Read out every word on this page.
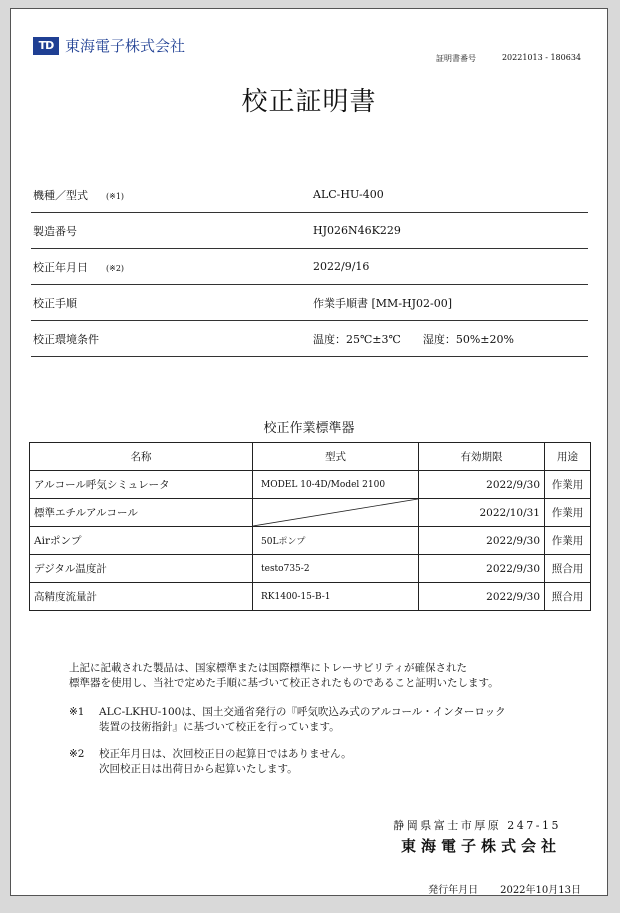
TD 東海電子株式会社
証明書番号	20221013 - 180634
校正証明書
機種／型式 (※1)	ALC-HU-400
製造番号	HJ026N46K229
校正年月日 (※2)	2022/9/16
校正手順	作業手順書 [MM-HJ02-00]
校正環境条件	温度：25℃±3℃ 湿度：50%±20%
校正作業標準器
名称	型式	有効期限	用途
アルコール呼気シミュレータ	MODEL 10-4D/Model 2100	2022/9/30	作業用
標準エチルアルコール		2022/10/31	作業用
Airポンプ	50Lポンプ	2022/9/30	作業用
デジタル温度計	testo735-2	2022/9/30	照合用
高精度流量計	RK1400-15-B-1	2022/9/30	照合用
上記に記載された製品は、国家標準または国際標準にトレーサビリティが確保された
標準器を使用し、当社で定めた手順に基づいて校正されたものであること証明いたします。
※1	ALC-LKHU-100は、国土交通省発行の『呼気吹込み式のアルコール・インターロック
装置の技術指針』に基づいて校正を行っています。
※2	校正年月日は、次回校正日の起算日ではありません。
次回校正日は出荷日から起算いたします。
静岡県富士市厚原 247-15
東海電子株式会社
発行年月日 2022年10月13日
